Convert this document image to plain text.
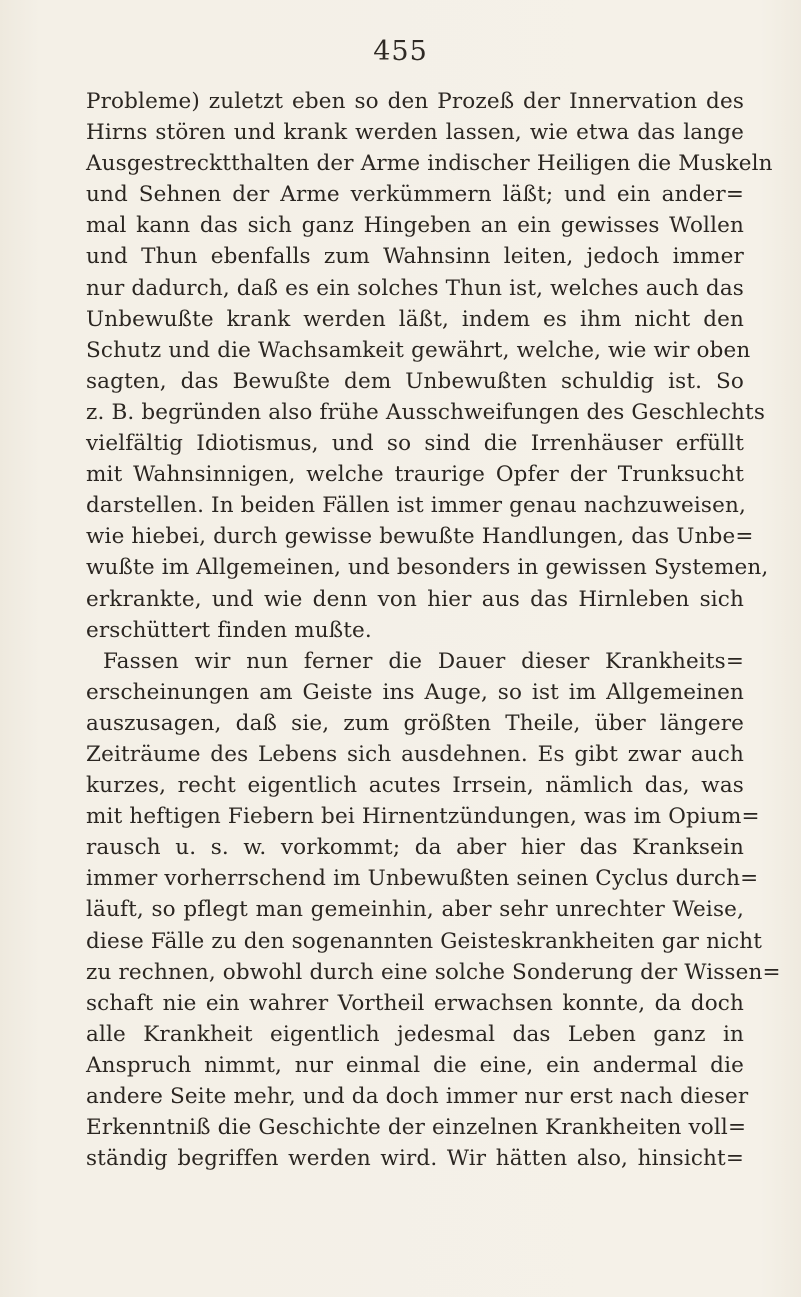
455
Probleme) zuletzt eben so den Prozeß der Innervation des
Hirns stören und krank werden lassen, wie etwa das lange
Ausgestrecktthalten der Arme indischer Heiligen die Muskeln
und Sehnen der Arme verkümmern läßt; und ein ander=
mal kann das sich ganz Hingeben an ein gewisses Wollen
und Thun ebenfalls zum Wahnsinn leiten, jedoch immer
nur dadurch, daß es ein solches Thun ist, welches auch das
Unbewußte krank werden läßt, indem es ihm nicht den
Schutz und die Wachsamkeit gewährt, welche, wie wir oben
sagten, das Bewußte dem Unbewußten schuldig ist. So
z. B. begründen also frühe Ausschweifungen des Geschlechts
vielfältig Idiotismus, und so sind die Irrenhäuser erfüllt
mit Wahnsinnigen, welche traurige Opfer der Trunksucht
darstellen. In beiden Fällen ist immer genau nachzuweisen,
wie hiebei, durch gewisse bewußte Handlungen, das Unbe=
wußte im Allgemeinen, und besonders in gewissen Systemen,
erkrankte, und wie denn von hier aus das Hirnleben sich
erschüttert finden mußte.
Fassen wir nun ferner die Dauer dieser Krankheits=
erscheinungen am Geiste ins Auge, so ist im Allgemeinen
auszusagen, daß sie, zum größten Theile, über längere
Zeiträume des Lebens sich ausdehnen. Es gibt zwar auch
kurzes, recht eigentlich acutes Irrsein, nämlich das, was
mit heftigen Fiebern bei Hirnentzündungen, was im Opium=
rausch u. s. w. vorkommt; da aber hier das Kranksein
immer vorherrschend im Unbewußten seinen Cyclus durch=
läuft, so pflegt man gemeinhin, aber sehr unrechter Weise,
diese Fälle zu den sogenannten Geisteskrankheiten gar nicht
zu rechnen, obwohl durch eine solche Sonderung der Wissen=
schaft nie ein wahrer Vortheil erwachsen konnte, da doch
alle Krankheit eigentlich jedesmal das Leben ganz in
Anspruch nimmt, nur einmal die eine, ein andermal die
andere Seite mehr, und da doch immer nur erst nach dieser
Erkenntniß die Geschichte der einzelnen Krankheiten voll=
ständig begriffen werden wird. Wir hätten also, hinsicht=
